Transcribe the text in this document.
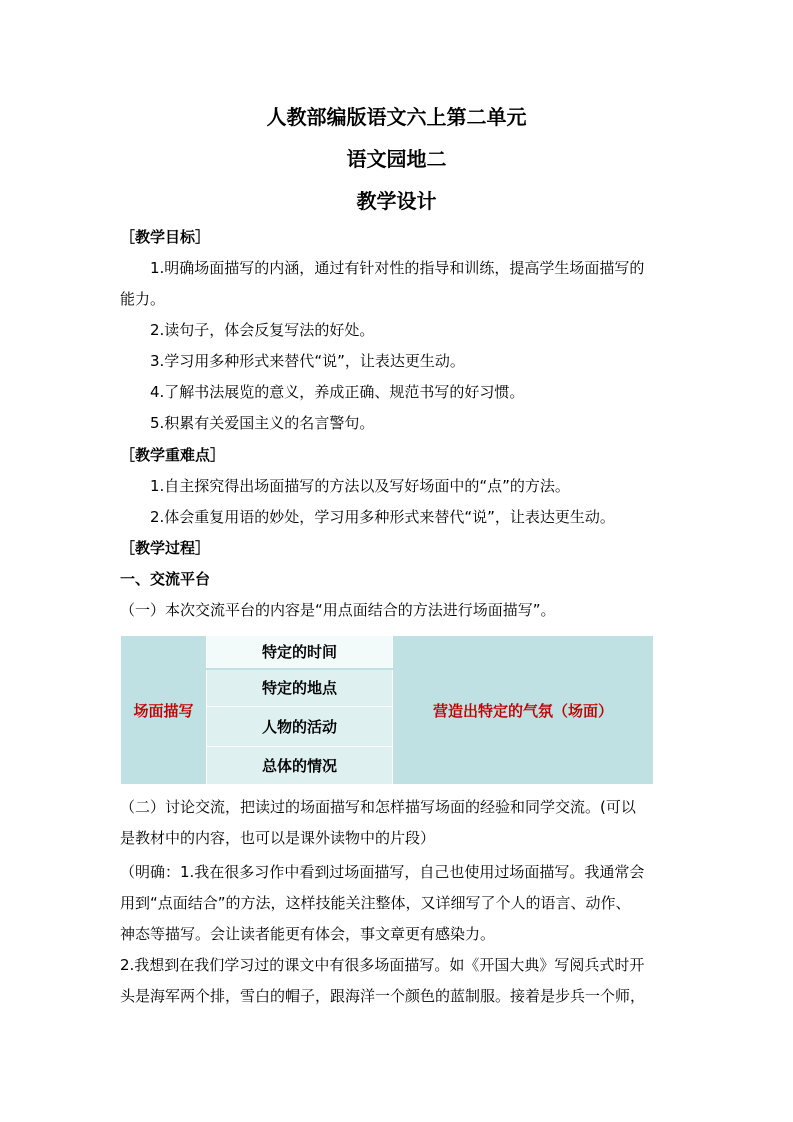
人教部编版语文六上第二单元
语文园地二
教学设计
［教学目标］
1.明确场面描写的内涵，通过有针对性的指导和训练，提高学生场面描写的
能力。
2.读句子，体会反复写法的好处。
3.学习用多种形式来替代“说”，让表达更生动。
4.了解书法展览的意义，养成正确、规范书写的好习惯。
5.积累有关爱国主义的名言警句。
［教学重难点］
1.自主探究得出场面描写的方法以及写好场面中的“点”的方法。
2.体会重复用语的妙处，学习用多种形式来替代“说”，让表达更生动。
［教学过程］
一、交流平台
（一）本次交流平台的内容是“用点面结合的方法进行场面描写”。
场面描写	特定的时间	营造出特定的气氛（场面）
特定的地点
人物的活动
总体的情况
（二）讨论交流，把读过的场面描写和怎样描写场面的经验和同学交流。(可以
是教材中的内容，也可以是课外读物中的片段）
（明确：1.我在很多习作中看到过场面描写，自己也使用过场面描写。我通常会
用到“点面结合”的方法，这样技能关注整体，又详细写了个人的语言、动作、
神态等描写。会让读者能更有体会，事文章更有感染力。
2.我想到在我们学习过的课文中有很多场面描写。如《开国大典》写阅兵式时开
头是海军两个排，雪白的帽子，跟海洋一个颜色的蓝制服。接着是步兵一个师，
